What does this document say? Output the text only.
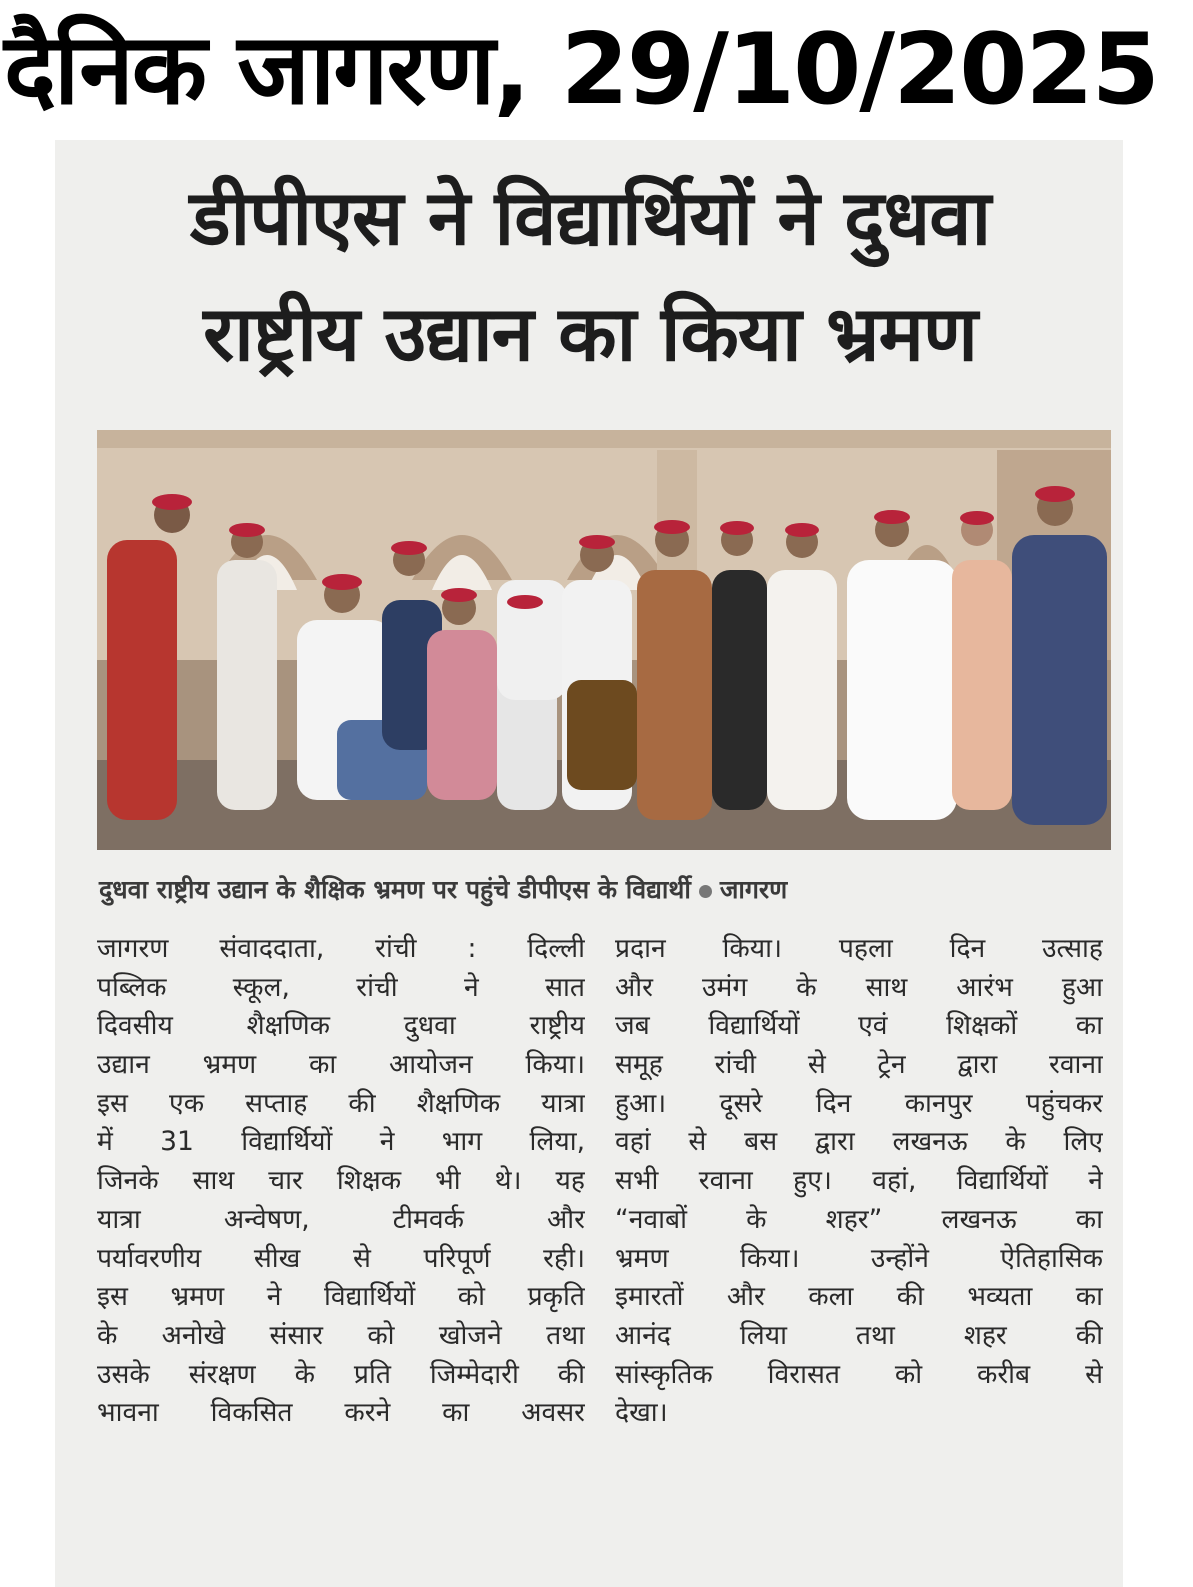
दैनिक जागरण, 29/10/2025
डीपीएस ने विद्यार्थियों ने दुधवा
राष्ट्रीय उद्यान का किया भ्रमण
दुधवा राष्ट्रीय उद्यान के शैक्षिक भ्रमण पर पहुंचे डीपीएस के विद्यार्थी जागरण
जागरण संवाददाता, रांची : दिल्ली
पब्लिक स्कूल, रांची ने सात
दिवसीय शैक्षणिक दुधवा राष्ट्रीय
उद्यान भ्रमण का आयोजन किया।
इस एक सप्ताह की शैक्षणिक यात्रा
में 31 विद्यार्थियों ने भाग लिया,
जिनके साथ चार शिक्षक भी थे। यह
यात्रा अन्वेषण, टीमवर्क और
पर्यावरणीय सीख से परिपूर्ण रही।
इस भ्रमण ने विद्यार्थियों को प्रकृति
के अनोखे संसार को खोजने तथा
उसके संरक्षण के प्रति जिम्मेदारी की
भावना विकसित करने का अवसर
प्रदान किया। पहला दिन उत्साह
और उमंग के साथ आरंभ हुआ
जब विद्यार्थियों एवं शिक्षकों का
समूह रांची से ट्रेन द्वारा रवाना
हुआ। दूसरे दिन कानपुर पहुंचकर
वहां से बस द्वारा लखनऊ के लिए
सभी रवाना हुए। वहां, विद्यार्थियों ने
“नवाबों के शहर” लखनऊ का
भ्रमण किया। उन्होंने ऐतिहासिक
इमारतों और कला की भव्यता का
आनंद लिया तथा शहर की
सांस्कृतिक विरासत को करीब से
देखा।
